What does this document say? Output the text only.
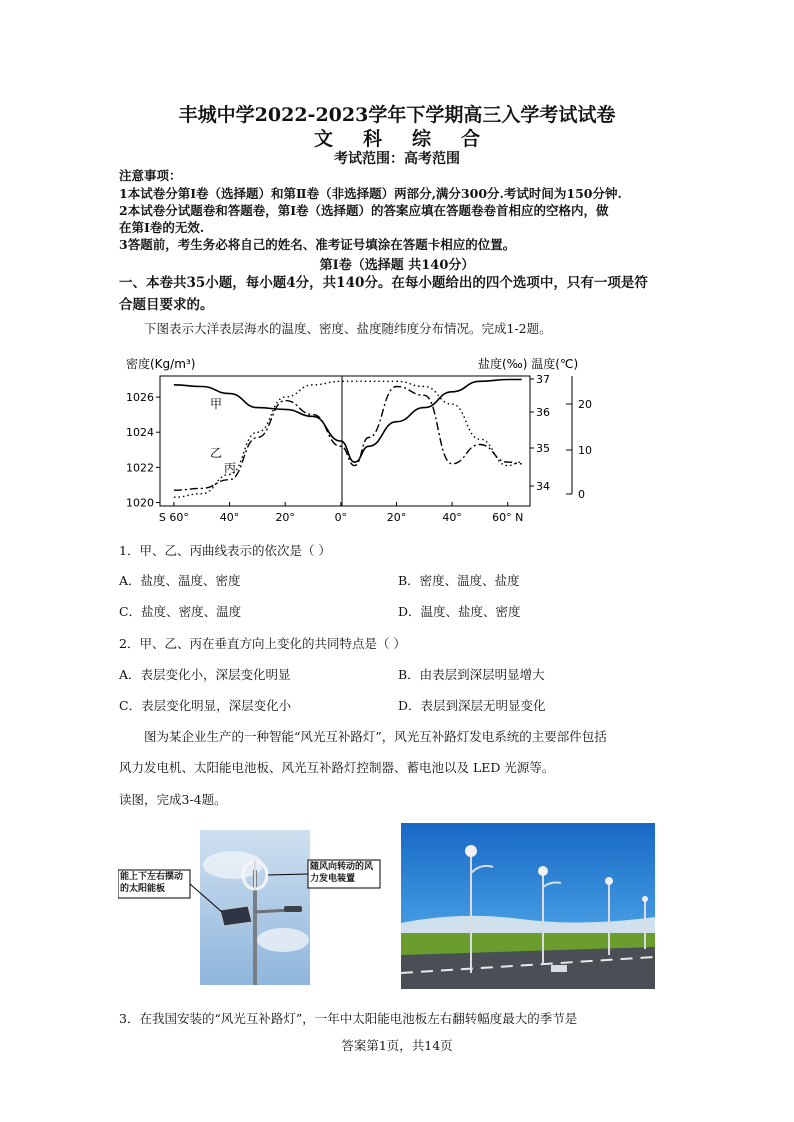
丰城中学2022-2023学年下学期高三入学考试试卷
文科综合
考试范围：高考范围
注意事项：
1本试卷分第Ⅰ卷（选择题）和第Ⅱ卷（非选择题）两部分,满分300分.考试时间为150分钟.
2本试卷分试题卷和答题卷，第Ⅰ卷（选择题）的答案应填在答题卷卷首相应的空格内，做
在第Ⅰ卷的无效.
3答题前，考生务必将自己的姓名、准考证号填涂在答题卡相应的位置。
第Ⅰ卷（选择题 共140分）
一、本卷共35小题，每小题4分，共140分。在每小题给出的四个选项中，只有一项是符
合题目要求的。
下图表示大洋表层海水的温度、密度、盐度随纬度分布情况。完成1-2题。
密度(Kg/m³)	盐度(‰) 温度(℃)
1026
1024
1022
1020
S 60°	40°	20°	0°	20°	40°	60° N
37
36
35
34
20
10
0
甲
乙
丙
1．甲、乙、丙曲线表示的依次是（ ）
A．盐度、温度、密度	B．密度、温度、盐度
C．盐度、密度、温度	D．温度、盐度、密度
2．甲、乙、丙在垂直方向上变化的共同特点是（ ）
A．表层变化小，深层变化明显	B．由表层到深层明显增大
C．表层变化明显，深层变化小	D．表层到深层无明显变化
图为某企业生产的一种智能“风光互补路灯”，风光互补路灯发电系统的主要部件包括
风力发电机、太阳能电池板、风光互补路灯控制器、蓄电池以及 LED 光源等。
读图，完成3-4题。
能上下左右摆动的太阳能板
随风向转动的风力发电装置
3．在我国安装的“风光互补路灯”，一年中太阳能电池板左右翻转幅度最大的季节是
答案第1页，共14页
